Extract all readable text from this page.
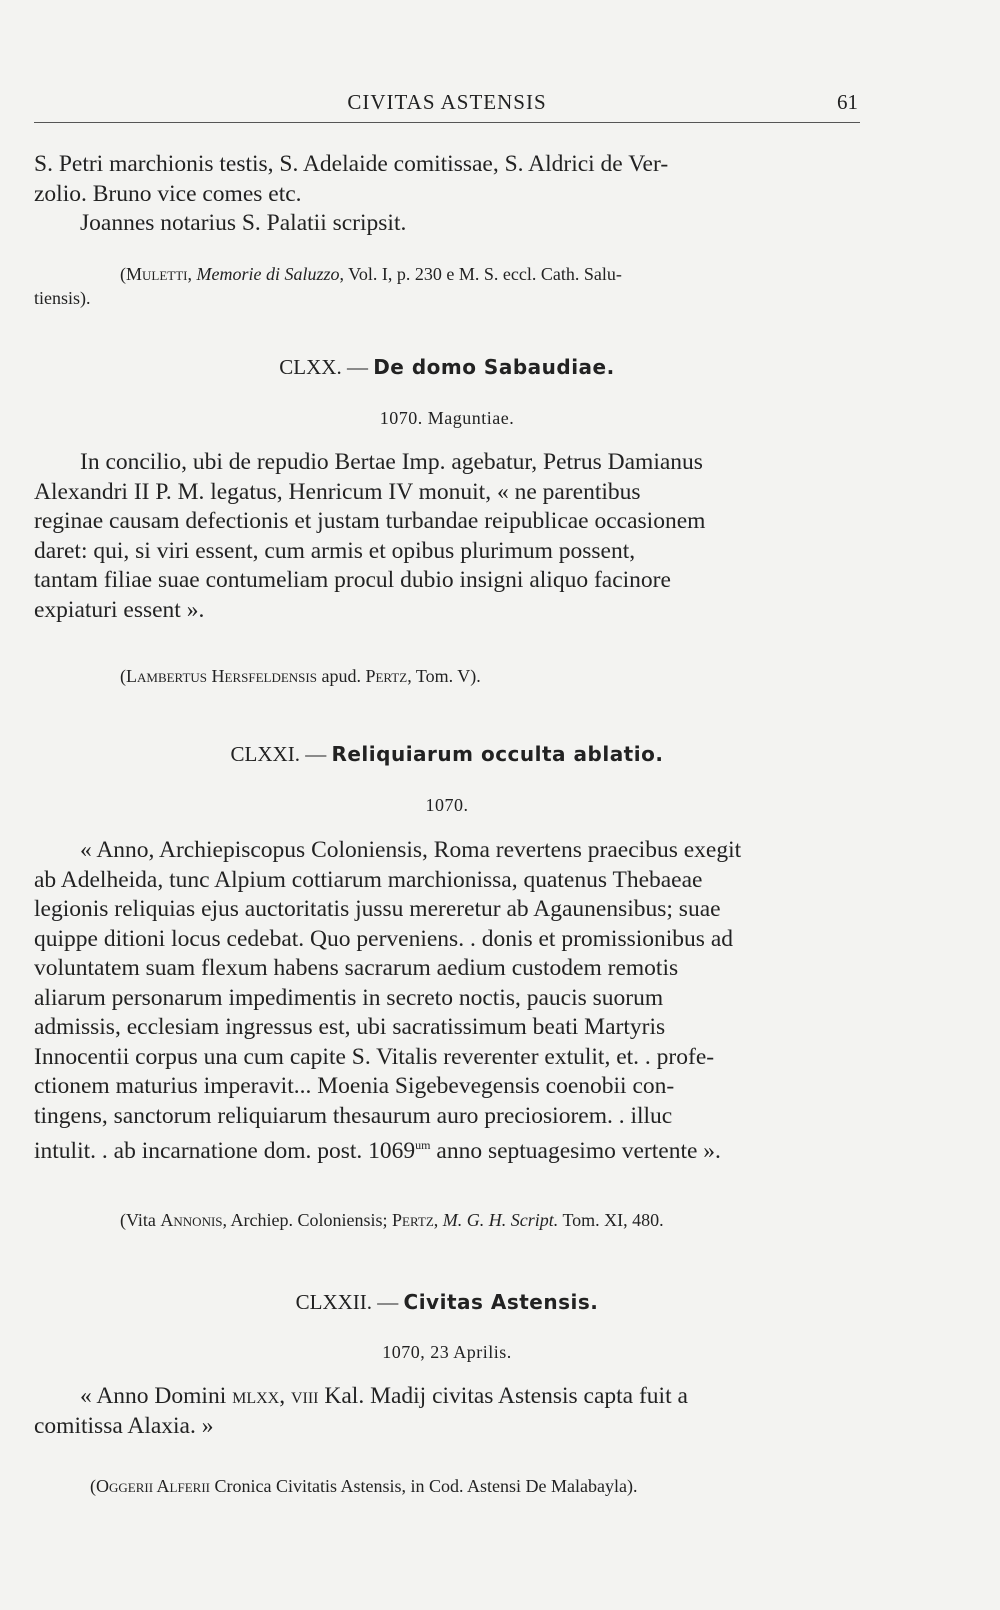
CIVITAS ASTENSIS	61
S. Petri marchionis testis, S. Adelaide comitissae, S. Aldrici de Ver-
zolio. Bruno vice comes etc.
Joannes notarius S. Palatii scripsit.
(Muletti, Memorie di Saluzzo, Vol. I, p. 230 e M. S. eccl. Cath. Salu-
tiensis).
CLXX. — De domo Sabaudiae.
1070. Maguntiae.
In concilio, ubi de repudio Bertae Imp. agebatur, Petrus Damianus
Alexandri II P. M. legatus, Henricum IV monuit, « ne parentibus
reginae causam defectionis et justam turbandae reipublicae occasionem
daret: qui, si viri essent, cum armis et opibus plurimum possent,
tantam filiae suae contumeliam procul dubio insigni aliquo facinore
expiaturi essent ».
(Lambertus Hersfeldensis apud. Pertz, Tom. V).
CLXXI. — Reliquiarum occulta ablatio.
1070.
« Anno, Archiepiscopus Coloniensis, Roma revertens praecibus exegit
ab Adelheida, tunc Alpium cottiarum marchionissa, quatenus Thebaeae
legionis reliquias ejus auctoritatis jussu mereretur ab Agaunensibus; suae
quippe ditioni locus cedebat. Quo perveniens. . donis et promissionibus ad
voluntatem suam flexum habens sacrarum aedium custodem remotis
aliarum personarum impedimentis in secreto noctis, paucis suorum
admissis, ecclesiam ingressus est, ubi sacratissimum beati Martyris
Innocentii corpus una cum capite S. Vitalis reverenter extulit, et. . profe-
ctionem maturius imperavit... Moenia Sigebevegensis coenobii con-
tingens, sanctorum reliquiarum thesaurum auro preciosiorem. . illuc
intulit. . ab incarnatione dom. post. $1069^{um}$ anno septuagesimo vertente ».
(Vita Annonis, Archiep. Coloniensis; Pertz, M. G. H. Script. Tom. XI, 480.
CLXXII. — Civitas Astensis.
1070, 23 Aprilis.
« Anno Domini mlxx, viii Kal. Madij civitas Astensis capta fuit a
comitissa Alaxia. »
(Oggerii Alferii Cronica Civitatis Astensis, in Cod. Astensi De Malabayla).
